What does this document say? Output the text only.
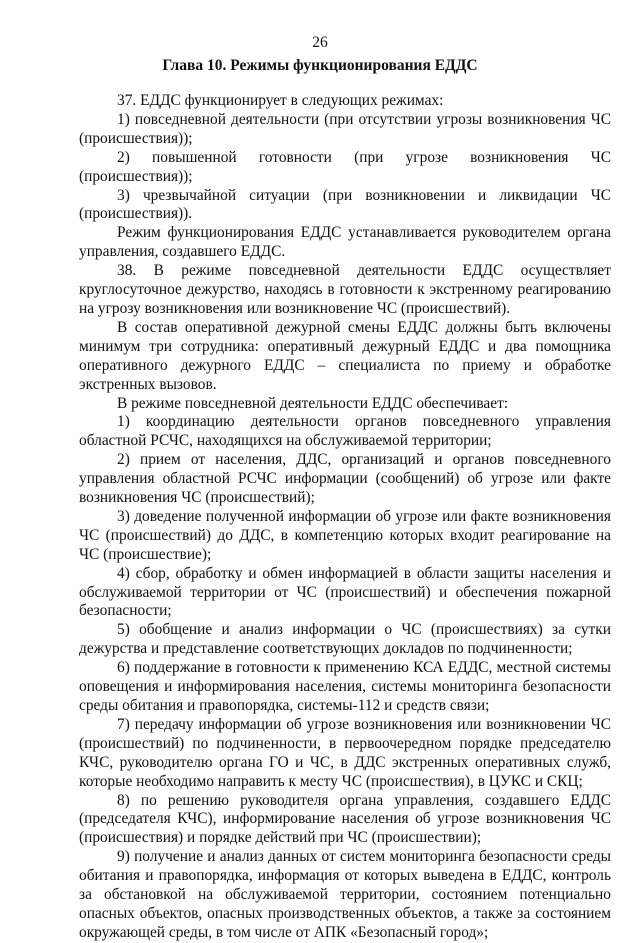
26
Глава 10. Режимы функционирования ЕДДС

37. ЕДДС функционирует в следующих режимах:

1) повседневной деятельности (при отсутствии угрозы возникновения ЧС (происшествия));

2) повышенной готовности (при угрозе возникновения ЧС (происшествия));

3) чрезвычайной ситуации (при возникновении и ликвидации ЧС (происшествия)).

Режим функционирования ЕДДС устанавливается руководителем органа управления, создавшего ЕДДС.

38. В режиме повседневной деятельности ЕДДС осуществляет круглосуточное дежурство, находясь в готовности к экстренному реагированию на угрозу возникновения или возникновение ЧС (происшествий).

В состав оперативной дежурной смены ЕДДС должны быть включены минимум три сотрудника: оперативный дежурный ЕДДС и два помощника оперативного дежурного ЕДДС – специалиста по приему и обработке экстренных вызовов.

В режиме повседневной деятельности ЕДДС обеспечивает:

1) координацию деятельности органов повседневного управления областной РСЧС, находящихся на обслуживаемой территории;

2) прием от населения, ДДС, организаций и органов повседневного управления областной РСЧС информации (сообщений) об угрозе или факте возникновения ЧС (происшествий);

3) доведение полученной информации об угрозе или факте возникновения ЧС (происшествий) до ДДС, в компетенцию которых входит реагирование на ЧС (происшествие);

4) сбор, обработку и обмен информацией в области защиты населения и обслуживаемой территории от ЧС (происшествий) и обеспечения пожарной безопасности;

5) обобщение и анализ информации о ЧС (происшествиях) за сутки дежурства и представление соответствующих докладов по подчиненности;

6) поддержание в готовности к применению КСА ЕДДС, местной системы оповещения и информирования населения, системы мониторинга безопасности среды обитания и правопорядка, системы-112 и средств связи;

7) передачу информации об угрозе возникновения или возникновении ЧС (происшествий) по подчиненности, в первоочередном порядке председателю КЧС, руководителю органа ГО и ЧС, в ДДС экстренных оперативных служб, которые необходимо направить к месту ЧС (происшествия), в ЦУКС и СКЦ;

8) по решению руководителя органа управления, создавшего ЕДДС (председателя КЧС), информирование населения об угрозе возникновения ЧС (происшествия) и порядке действий при ЧС (происшествии);

9) получение и анализ данных от систем мониторинга безопасности среды обитания и правопорядка, информация от которых выведена в ЕДДС, контроль за обстановкой на обслуживаемой территории, состоянием потенциально опасных объектов, опасных производственных объектов, а также за состоянием окружающей среды, в том числе от АПК «Безопасный город»;
